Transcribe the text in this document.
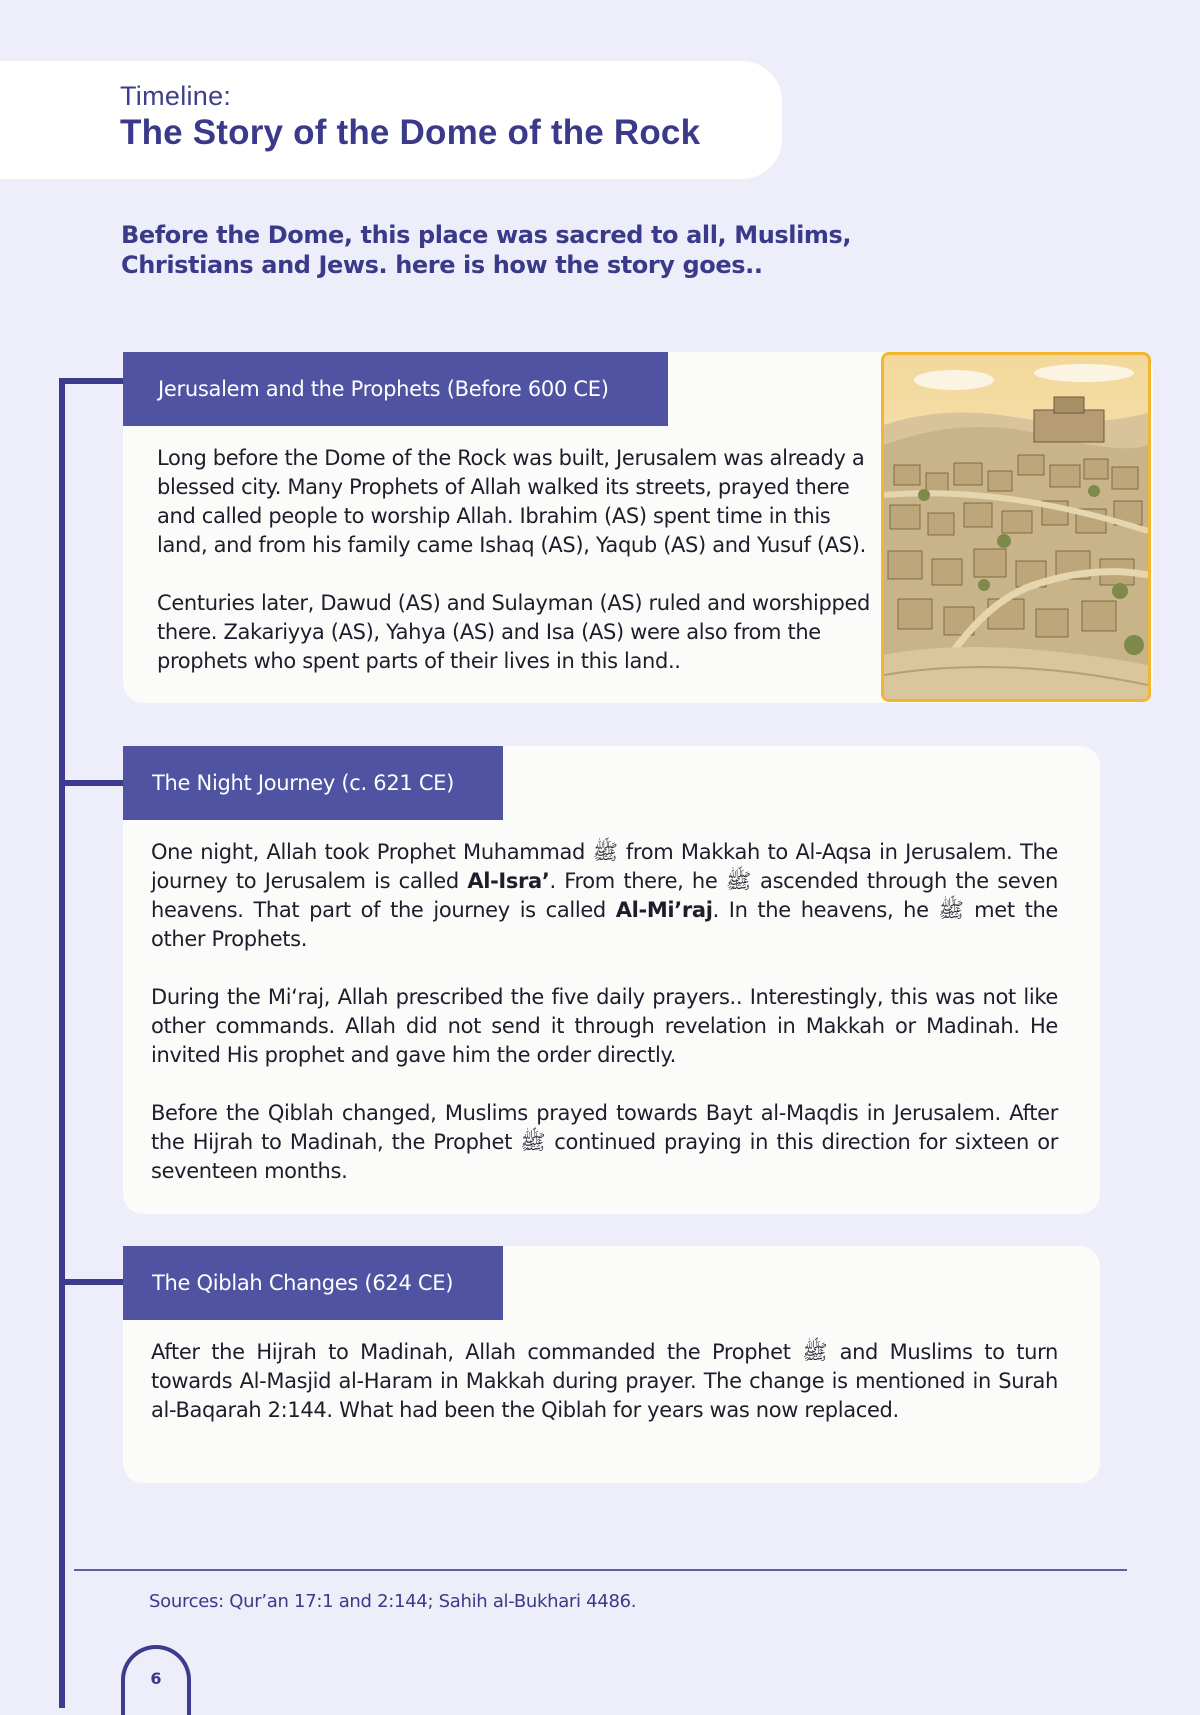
Timeline:
The Story of the Dome of the Rock
Before the Dome, this place was sacred to all, Muslims,
Christians and Jews. here is how the story goes..
Jerusalem and the Prophets (Before 600 CE)

Long before the Dome of the Rock was built, Jerusalem was already a blessed city. Many Prophets of Allah walked its streets, prayed there and called people to worship Allah. Ibrahim (AS) spent time in this land, and from his family came Ishaq (AS), Yaqub (AS) and Yusuf (AS).

Centuries later, Dawud (AS) and Sulayman (AS) ruled and worshipped there. Zakariyya (AS), Yahya (AS) and Isa (AS) were also from the prophets who spent parts of their lives in this land..

The Night Journey (c. 621 CE)

One night, Allah took Prophet Muhammad ﷺ from Makkah to Al-Aqsa in Jerusalem. The journey to Jerusalem is called Al-Isra’. From there, he ﷺ ascended through the seven heavens. That part of the journey is called Al-Mi’raj. In the heavens, he ﷺ met the other Prophets.

During the Mi‘raj, Allah prescribed the five daily prayers.. Interestingly, this was not like other commands. Allah did not send it through revelation in Makkah or Madinah. He invited His prophet and gave him the order directly.

Before the Qiblah changed, Muslims prayed towards Bayt al-Maqdis in Jerusalem. After the Hijrah to Madinah, the Prophet ﷺ continued praying in this direction for sixteen or seventeen months.

The Qiblah Changes (624 CE)

After the Hijrah to Madinah, Allah commanded the Prophet ﷺ and Muslims to turn towards Al-Masjid al-Haram in Makkah during prayer. The change is mentioned in Surah al-Baqarah 2:144. What had been the Qiblah for years was now replaced.

Sources: Qur’an 17:1 and 2:144; Sahih al-Bukhari 4486.
6
